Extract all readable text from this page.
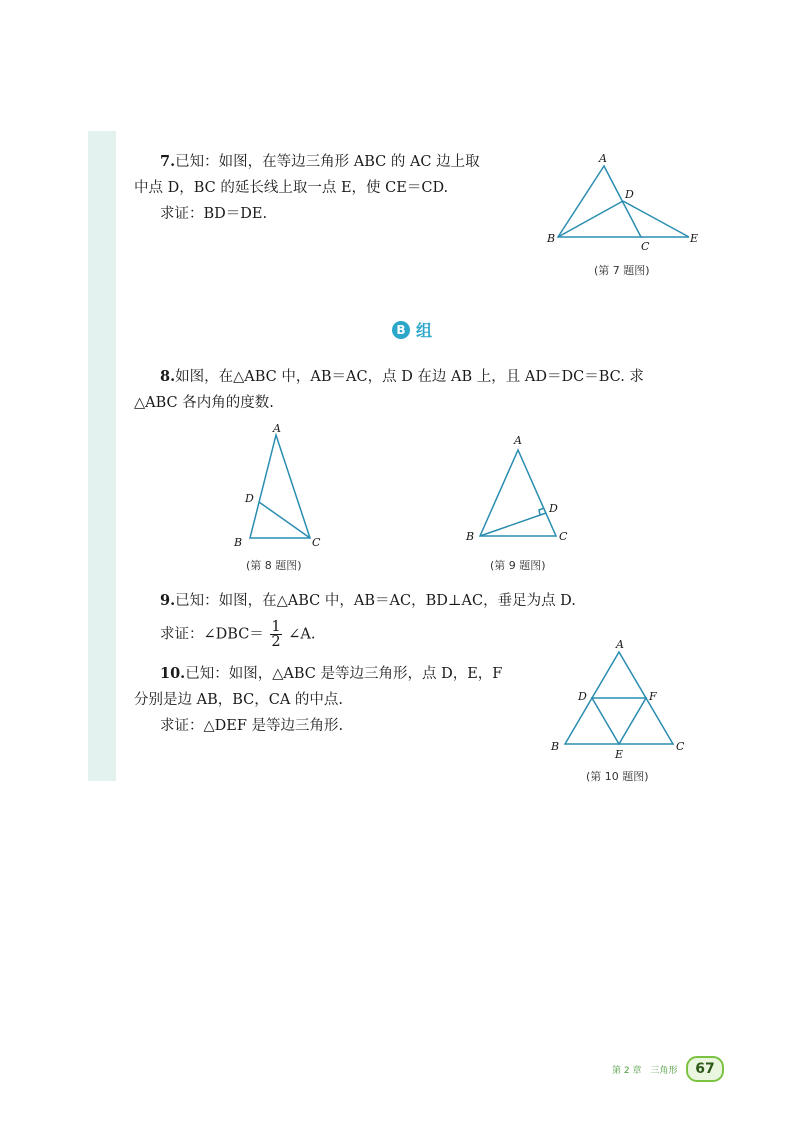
7.已知：如图，在等边三角形 ABC 的 AC 边上取
中点 D，BC 的延长线上取一点 E，使 CE＝CD.
求证：BD＝DE.
A
B
C
D
E
(第 7 题图)
B 组
8.如图，在△ABC 中，AB＝AC，点 D 在边 AB 上，且 AD＝DC＝BC. 求
△ABC 各内角的度数.
A
B	C
D
(第 8 题图)
A
B	C
D
(第 9 题图)
9.已知：如图，在△ABC 中，AB＝AC，BD⊥AC，垂足为点 D.
求证：∠DBC＝ $\frac{1}{2}$ ∠A.
10.已知：如图，△ABC 是等边三角形，点 D，E，F
分别是边 AB，BC，CA 的中点.
求证：△DEF 是等边三角形.
A
B	C
D
E
F
(第 10 题图)
第 2 章　三角形	67
